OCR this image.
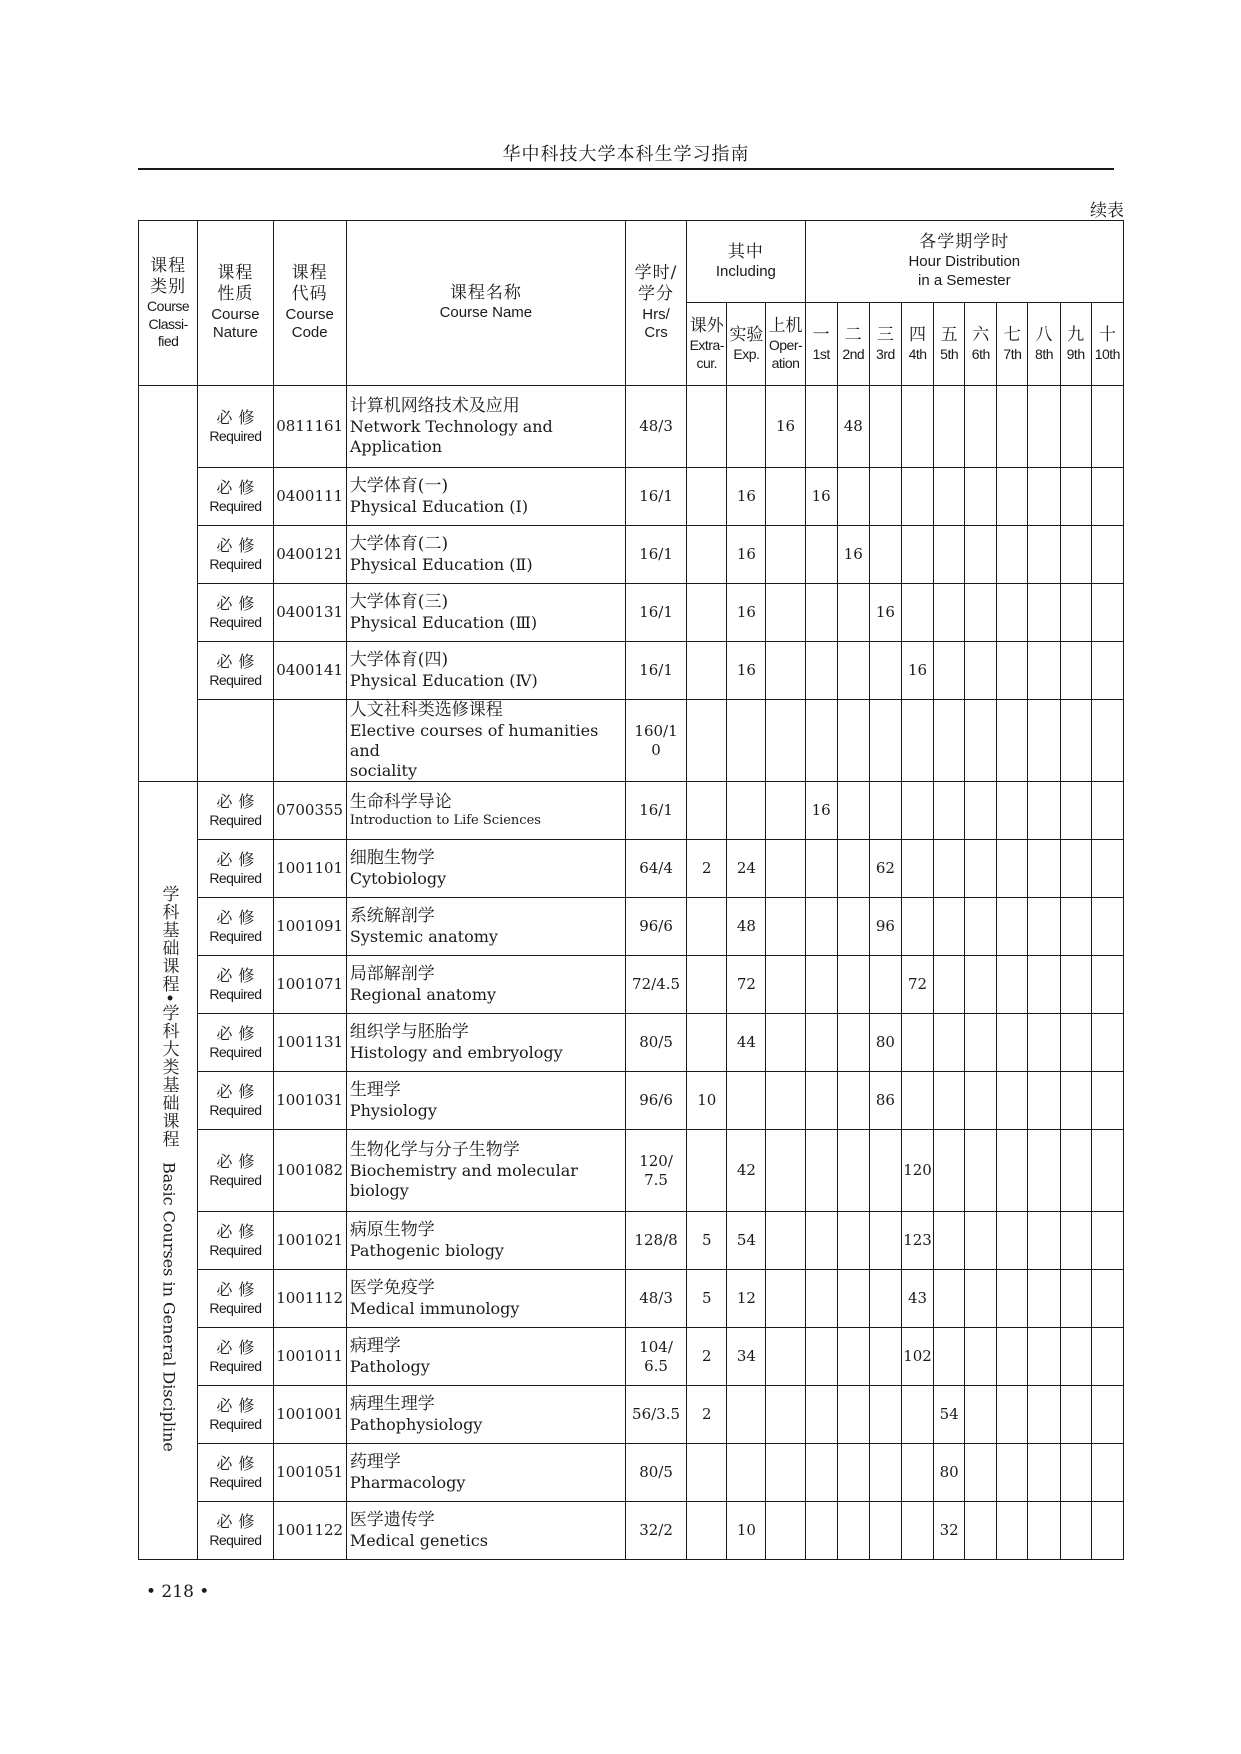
华中科技大学本科生学习指南
续表
课程
类别
Course
Classi-
fied	课程
性质
Course
Nature	课程
代码
Course
Code	课程名称
Course Name	学时/
学分
Hrs/
Crs	其中
Including			各学期学时
Hour Distribution
in a Semester									

					课外
Extra-
cur.	实验
Exp.	上机
Oper-
ation	一
1st	二
2nd	三
3rd	四
4th	五
5th	六
6th	七
7th	八
8th	九
9th	十
10th

	必修
Required	0811161	计算机网络技术及应用
Network Technology and
Application	48/3			16		48								

	必修
Required	0400111	大学体育(一)
Physical Education (Ⅰ)	16/1		16		16									

	必修
Required	0400121	大学体育(二)
Physical Education (Ⅱ)	16/1		16			16								

	必修
Required	0400131	大学体育(三)
Physical Education (Ⅲ)	16/1		16				16							

	必修
Required	0400141	大学体育(四)
Physical Education (Ⅳ)	16/1		16					16						

			人文社科类选修课程
Elective courses of humanities and
sociality	160/1
0													

学科基础课程•学科大类基础课程Basic Courses in General Discipline	必修
Required	0700355	生命科学导论
Introduction to Life Sciences	16/1				16									

	必修
Required	1001101	细胞生物学
Cytobiology	64/4	2	24				62							

	必修
Required	1001091	系统解剖学
Systemic anatomy	96/6		48				96							

	必修
Required	1001071	局部解剖学
Regional anatomy	72/4.5		72					72						

	必修
Required	1001131	组织学与胚胎学
Histology and embryology	80/5		44				80							

	必修
Required	1001031	生理学
Physiology	96/6	10					86							

	必修
Required	1001082	生物化学与分子生物学
Biochemistry and molecular
biology	120/
7.5		42					120						

	必修
Required	1001021	病原生物学
Pathogenic biology	128/8	5	54					123						

	必修
Required	1001112	医学免疫学
Medical immunology	48/3	5	12					43						

	必修
Required	1001011	病理学
Pathology	104/
6.5	2	34					102						

	必修
Required	1001001	病理生理学
Pathophysiology	56/3.5	2							54					

	必修
Required	1001051	药理学
Pharmacology	80/5								80					

	必修
Required	1001122	医学遗传学
Medical genetics	32/2		10						32					
• 218 •
